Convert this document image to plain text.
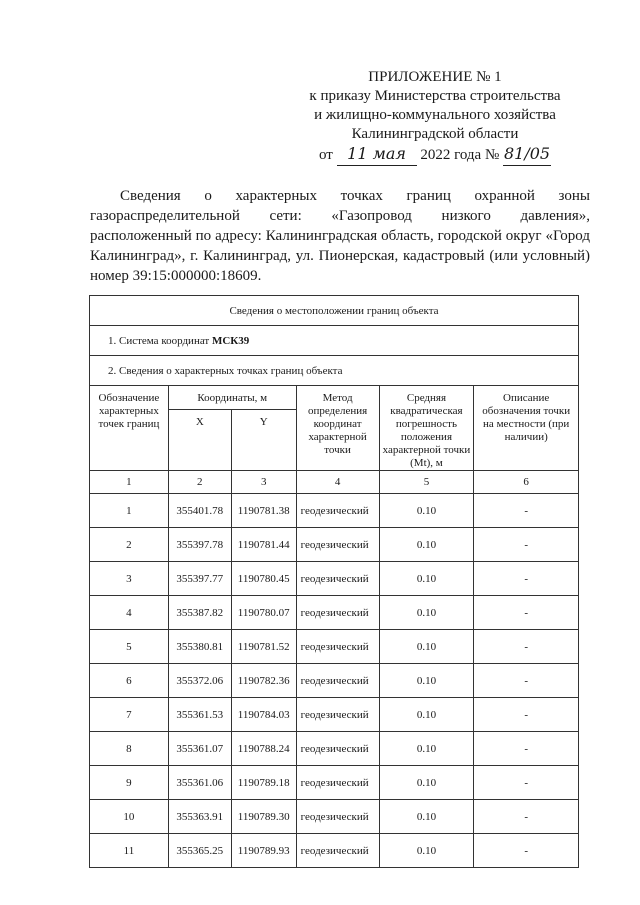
ПРИЛОЖЕНИЕ № 1
к приказу Министерства строительства
и жилищно-коммунального хозяйства
Калининградской области
от 11 мая 2022 года № 81/05

Сведения о характерных точках границ охранной зоны газораспределительной сети: «Газопровод низкого давления», расположенный по адресу: Калининградская область, городской округ «Город Калининград», г. Калининград, ул. Пионерская, кадастровый (или условный) номер 39:15:000000:18609.

Сведения о местоположении границ объекта					
1. Система координат МСК39					
2. Сведения о характерных точках границ объекта					
Обозначение характерных точек границ	Координаты, м		Метод определения координат характерной точки	Средняя квадратическая погрешность положения характерной точки (Mt), м	Описание обозначения точки на местности (при наличии)
	X	Y			
1	2	3	4	5	6
1	355401.78	1190781.38	геодезический	0.10	-
2	355397.78	1190781.44	геодезический	0.10	-
3	355397.77	1190780.45	геодезический	0.10	-
4	355387.82	1190780.07	геодезический	0.10	-
5	355380.81	1190781.52	геодезический	0.10	-
6	355372.06	1190782.36	геодезический	0.10	-
7	355361.53	1190784.03	геодезический	0.10	-
8	355361.07	1190788.24	геодезический	0.10	-
9	355361.06	1190789.18	геодезический	0.10	-
10	355363.91	1190789.30	геодезический	0.10	-
11	355365.25	1190789.93	геодезический	0.10	-
